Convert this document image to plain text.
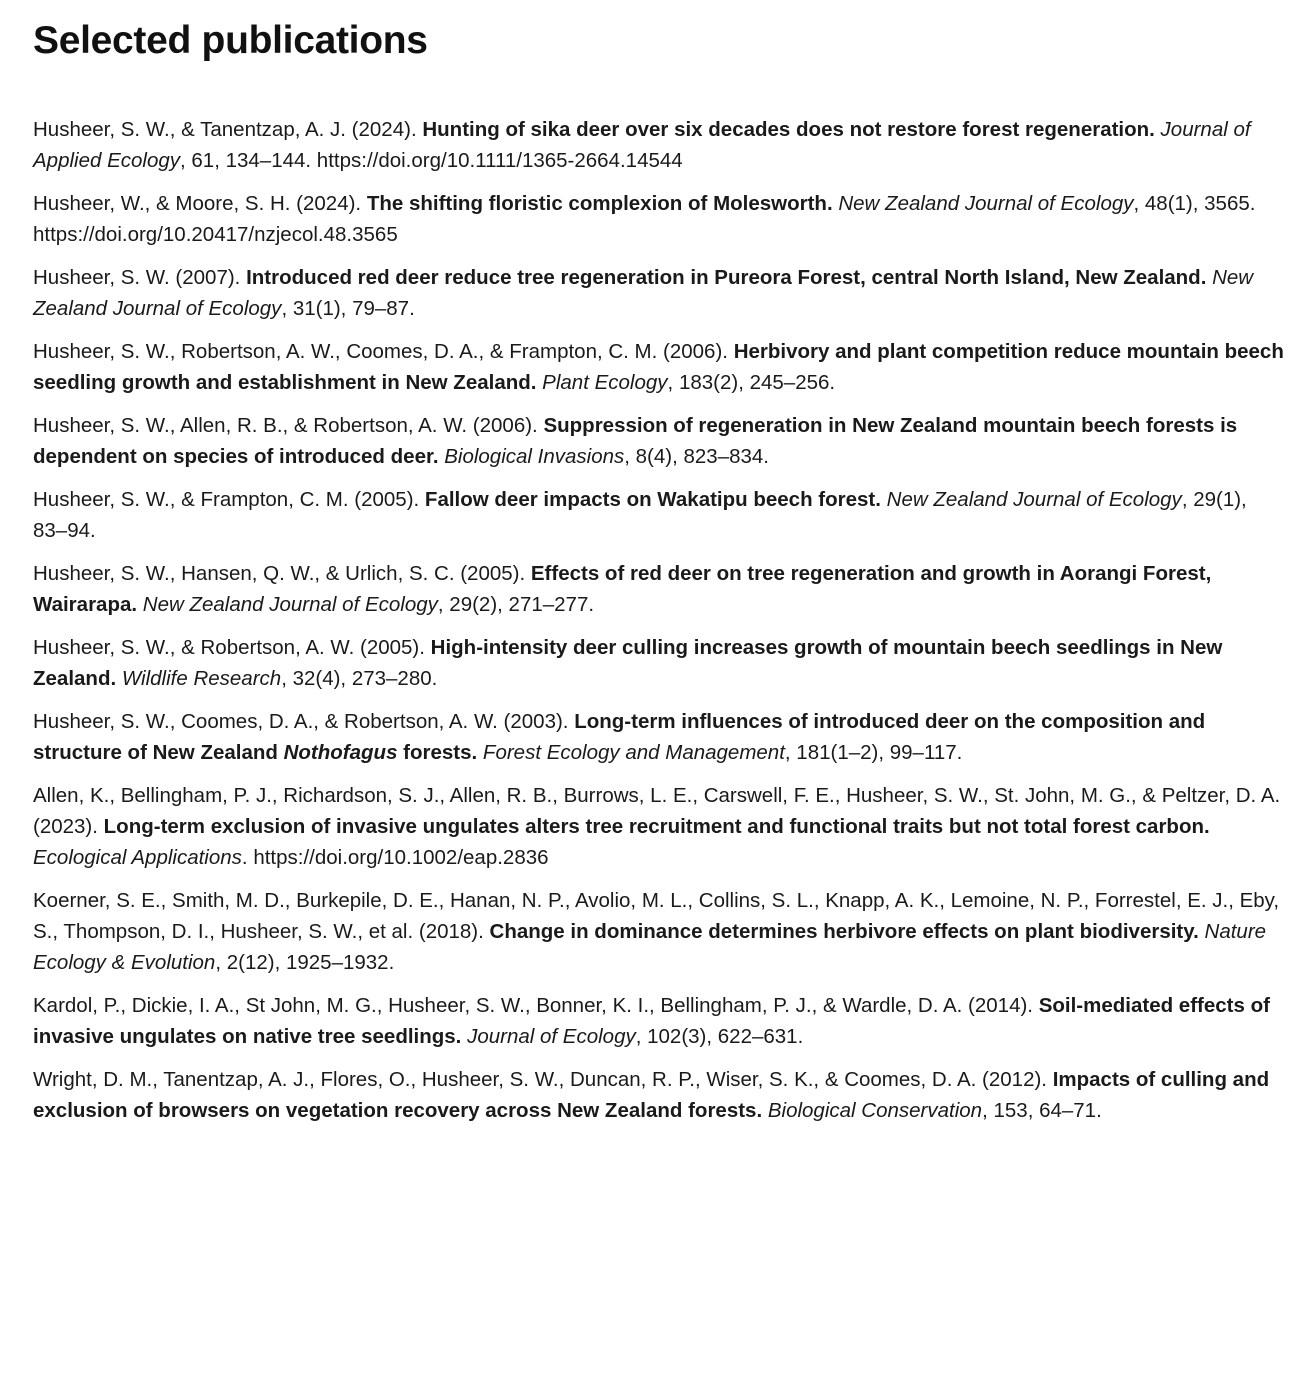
Selected publications

Husheer, S. W., & Tanentzap, A. J. (2024). Hunting of sika deer over six decades does not restore forest regeneration. Journal of Applied Ecology, 61, 134–144. https://doi.org/10.1111/1365-2664.14544

Husheer, W., & Moore, S. H. (2024). The shifting floristic complexion of Molesworth. New Zealand Journal of Ecology, 48(1), 3565. https://doi.org/10.20417/nzjecol.48.3565

Husheer, S. W. (2007). Introduced red deer reduce tree regeneration in Pureora Forest, central North Island, New Zealand. New Zealand Journal of Ecology, 31(1), 79–87.

Husheer, S. W., Robertson, A. W., Coomes, D. A., & Frampton, C. M. (2006). Herbivory and plant competition reduce mountain beech seedling growth and establishment in New Zealand. Plant Ecology, 183(2), 245–256.

Husheer, S. W., Allen, R. B., & Robertson, A. W. (2006). Suppression of regeneration in New Zealand mountain beech forests is dependent on species of introduced deer. Biological Invasions, 8(4), 823–834.

Husheer, S. W., & Frampton, C. M. (2005). Fallow deer impacts on Wakatipu beech forest. New Zealand Journal of Ecology, 29(1), 83–94.

Husheer, S. W., Hansen, Q. W., & Urlich, S. C. (2005). Effects of red deer on tree regeneration and growth in Aorangi Forest, Wairarapa. New Zealand Journal of Ecology, 29(2), 271–277.

Husheer, S. W., & Robertson, A. W. (2005). High-intensity deer culling increases growth of mountain beech seedlings in New Zealand. Wildlife Research, 32(4), 273–280.

Husheer, S. W., Coomes, D. A., & Robertson, A. W. (2003). Long-term influences of introduced deer on the composition and structure of New Zealand Nothofagus forests. Forest Ecology and Management, 181(1–2), 99–117.

Allen, K., Bellingham, P. J., Richardson, S. J., Allen, R. B., Burrows, L. E., Carswell, F. E., Husheer, S. W., St. John, M. G., & Peltzer, D. A. (2023). Long-term exclusion of invasive ungulates alters tree recruitment and functional traits but not total forest carbon. Ecological Applications. https://doi.org/10.1002/eap.2836

Koerner, S. E., Smith, M. D., Burkepile, D. E., Hanan, N. P., Avolio, M. L., Collins, S. L., Knapp, A. K., Lemoine, N. P., Forrestel, E. J., Eby, S., Thompson, D. I., Husheer, S. W., et al. (2018). Change in dominance determines herbivore effects on plant biodiversity. Nature Ecology & Evolution, 2(12), 1925–1932.

Kardol, P., Dickie, I. A., St John, M. G., Husheer, S. W., Bonner, K. I., Bellingham, P. J., & Wardle, D. A. (2014). Soil-mediated effects of invasive ungulates on native tree seedlings. Journal of Ecology, 102(3), 622–631.

Wright, D. M., Tanentzap, A. J., Flores, O., Husheer, S. W., Duncan, R. P., Wiser, S. K., & Coomes, D. A. (2012). Impacts of culling and exclusion of browsers on vegetation recovery across New Zealand forests. Biological Conservation, 153, 64–71.
